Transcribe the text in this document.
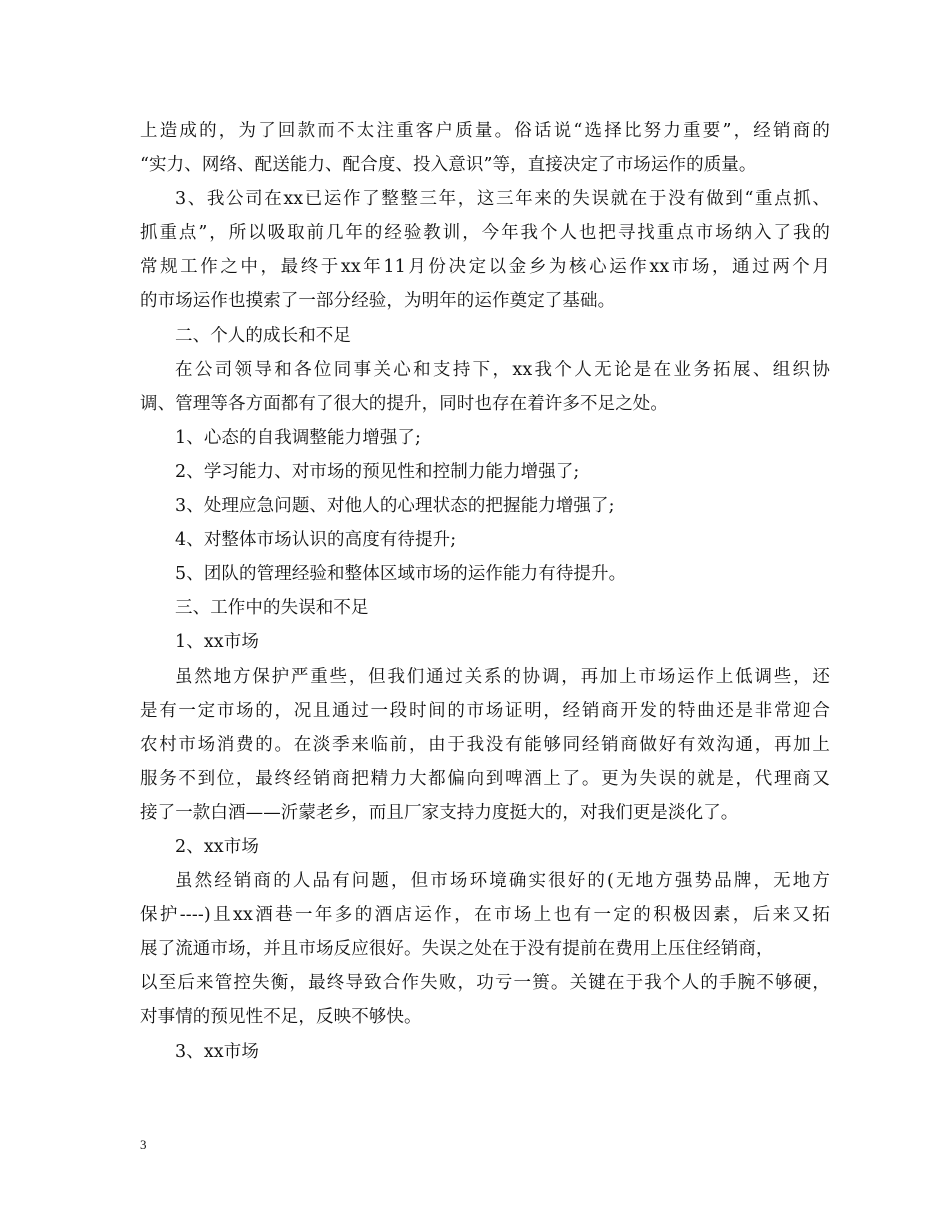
上造成的，为了回款而不太注重客户质量。俗话说“选择比努力重要”，经销商的
“实力、网络、配送能力、配合度、投入意识”等，直接决定了市场运作的质量。
3、我公司在xx已运作了整整三年，这三年来的失误就在于没有做到“重点抓、
抓重点”，所以吸取前几年的经验教训，今年我个人也把寻找重点市场纳入了我的
常规工作之中，最终于xx年11月份决定以金乡为核心运作xx市场，通过两个月
的市场运作也摸索了一部分经验，为明年的运作奠定了基础。
二、个人的成长和不足
在公司领导和各位同事关心和支持下，xx我个人无论是在业务拓展、组织协
调、管理等各方面都有了很大的提升，同时也存在着许多不足之处。
1、心态的自我调整能力增强了;
2、学习能力、对市场的预见性和控制力能力增强了;
3、处理应急问题、对他人的心理状态的把握能力增强了;
4、对整体市场认识的高度有待提升;
5、团队的管理经验和整体区域市场的运作能力有待提升。
三、工作中的失误和不足
1、xx市场
虽然地方保护严重些，但我们通过关系的协调，再加上市场运作上低调些，还
是有一定市场的，况且通过一段时间的市场证明，经销商开发的特曲还是非常迎合
农村市场消费的。在淡季来临前，由于我没有能够同经销商做好有效沟通，再加上
服务不到位，最终经销商把精力大都偏向到啤酒上了。更为失误的就是，代理商又
接了一款白酒——沂蒙老乡，而且厂家支持力度挺大的，对我们更是淡化了。
2、xx市场
虽然经销商的人品有问题，但市场环境确实很好的(无地方强势品牌，无地方
保护----)且xx酒巷一年多的酒店运作，在市场上也有一定的积极因素，后来又拓
展了流通市场，并且市场反应很好。失误之处在于没有提前在费用上压住经销商，
以至后来管控失衡，最终导致合作失败，功亏一篑。关键在于我个人的手腕不够硬，
对事情的预见性不足，反映不够快。
3、xx市场
3
